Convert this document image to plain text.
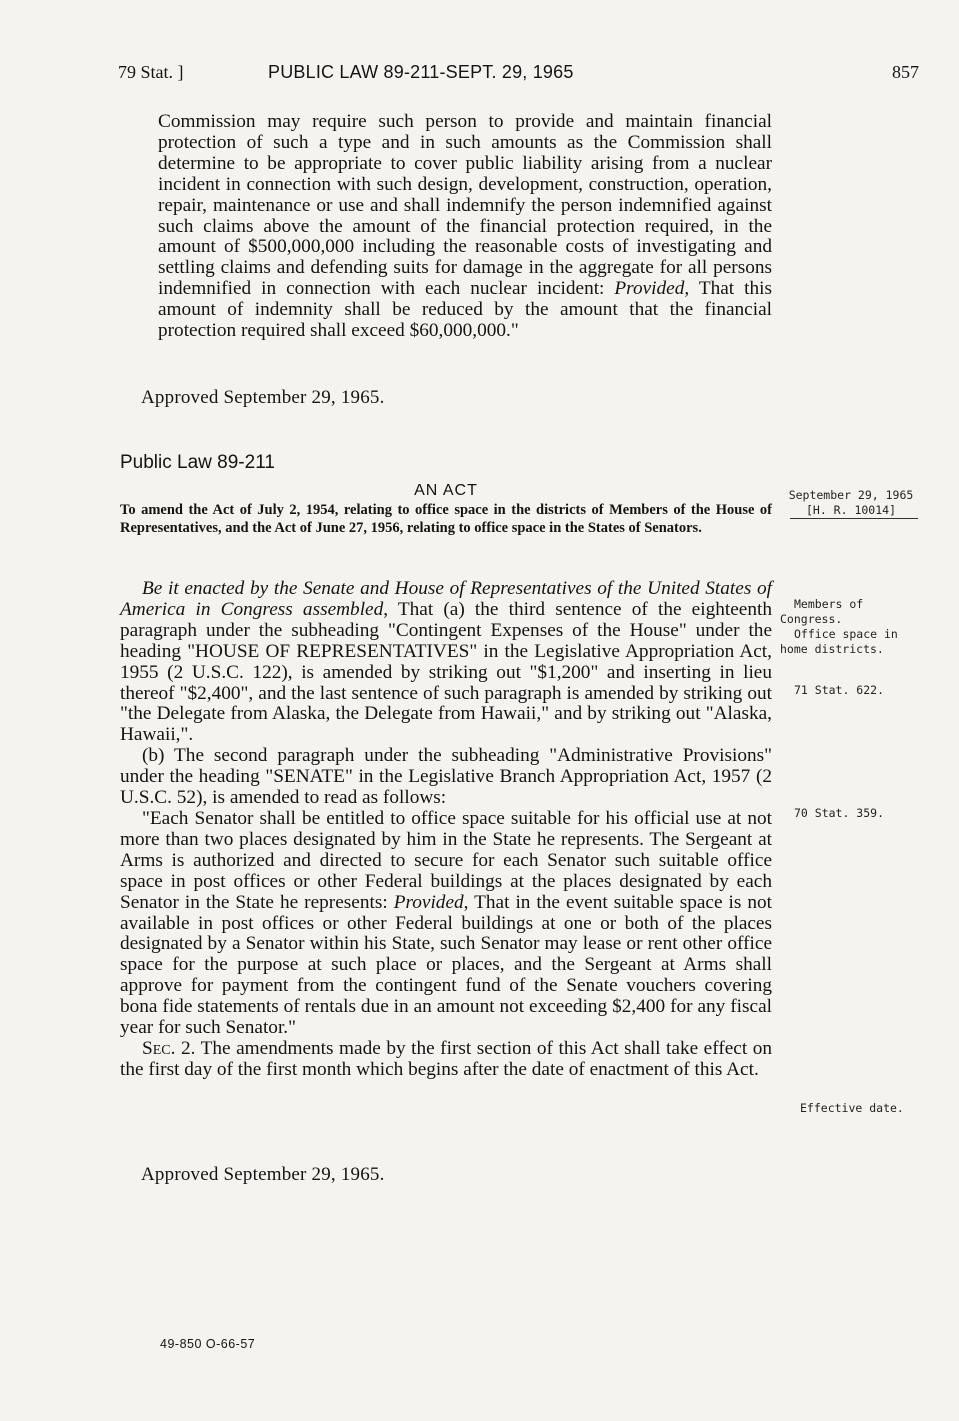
79 Stat. ]	PUBLIC LAW 89-211-SEPT. 29, 1965	857
Commission may require such person to provide and maintain financial protection of such a type and in such amounts as the Commission shall determine to be appropriate to cover public liability arising from a nuclear incident in connection with such design, development, construction, operation, repair, maintenance or use and shall indemnify the person indemnified against such claims above the amount of the financial protection required, in the amount of $500,000,000 including the reasonable costs of investigating and settling claims and defending suits for damage in the aggregate for all persons indemnified in connection with each nuclear incident: Provided, That this amount of indemnity shall be reduced by the amount that the financial protection required shall exceed $60,000,000."
Approved September 29, 1965.
Public Law 89-211
AN ACT
To amend the Act of July 2, 1954, relating to office space in the districts of Members of the House of Representatives, and the Act of June 27, 1956, relating to office space in the States of Senators.

Be it enacted by the Senate and House of Representatives of the United States of America in Congress assembled, That (a) the third sentence of the eighteenth paragraph under the subheading "Contingent Expenses of the House" under the heading "HOUSE OF REPRESENTATIVES" in the Legislative Appropriation Act, 1955 (2 U.S.C. 122), is amended by striking out "$1,200" and inserting in lieu thereof "$2,400", and the last sentence of such paragraph is amended by striking out "the Delegate from Alaska, the Delegate from Hawaii," and by striking out "Alaska, Hawaii,".

(b) The second paragraph under the subheading "Administrative Provisions" under the heading "SENATE" in the Legislative Branch Appropriation Act, 1957 (2 U.S.C. 52), is amended to read as follows:

"Each Senator shall be entitled to office space suitable for his official use at not more than two places designated by him in the State he represents. The Sergeant at Arms is authorized and directed to secure for each Senator such suitable office space in post offices or other Federal buildings at the places designated by each Senator in the State he represents: Provided, That in the event suitable space is not available in post offices or other Federal buildings at one or both of the places designated by a Senator within his State, such Senator may lease or rent other office space for the purpose at such place or places, and the Sergeant at Arms shall approve for payment from the contingent fund of the Senate vouchers covering bona fide statements of rentals due in an amount not exceeding $2,400 for any fiscal year for such Senator."

Sec. 2. The amendments made by the first section of this Act shall take effect on the first day of the first month which begins after the date of enactment of this Act.

Approved September 29, 1965.
September 29, 1965
[H. R. 10014]
Members of
Congress.
Office space in
home districts.
71 Stat. 622.
70 Stat. 359.
Effective date.
49-850 O-66-57
